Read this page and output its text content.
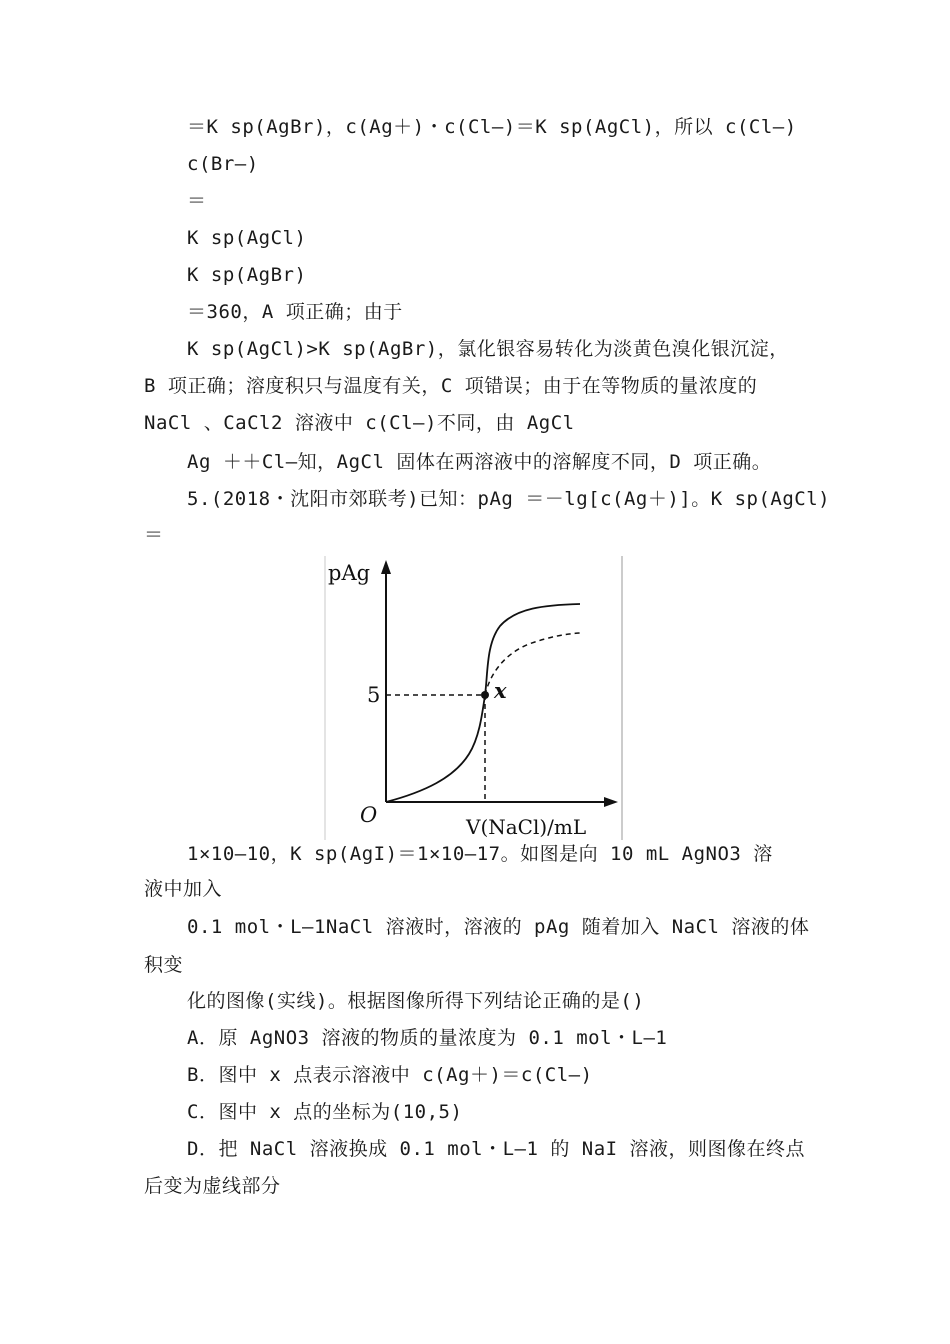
＝K sp(AgBr)，c(Ag＋)・c(Cl—)＝K sp(AgCl)，所以 c(Cl—)
c(Br—)
＝
K sp(AgCl)
K sp(AgBr)
＝360，A 项正确；由于
K sp(AgCl)>K sp(AgBr)，氯化银容易转化为淡黄色溴化银沉淀，
B 项正确；溶度积只与温度有关，C 项错误；由于在等物质的量浓度的
NaCl 、CaCl2 溶液中 c(Cl—)不同，由 AgCl
Ag ＋＋Cl—知，AgCl 固体在两溶液中的溶解度不同，D 项正确。
5.(2018・沈阳市郊联考)已知：pAg ＝－lg[c(Ag＋)]。K sp(AgCl)
＝
pAg
5	x
O	V(NaCl)/mL
1×10—10，K sp(AgI)＝1×10—17。如图是向 10 mL AgNO3 溶
液中加入
0.1 mol・L—1NaCl 溶液时，溶液的 pAg 随着加入 NaCl 溶液的体
积变
化的图像(实线)。根据图像所得下列结论正确的是()
A．原 AgNO3 溶液的物质的量浓度为 0.1 mol・L—1
B．图中 x 点表示溶液中 c(Ag＋)＝c(Cl—)
C．图中 x 点的坐标为(10,5)
D．把 NaCl 溶液换成 0.1 mol・L—1 的 NaI 溶液，则图像在终点
后变为虚线部分
